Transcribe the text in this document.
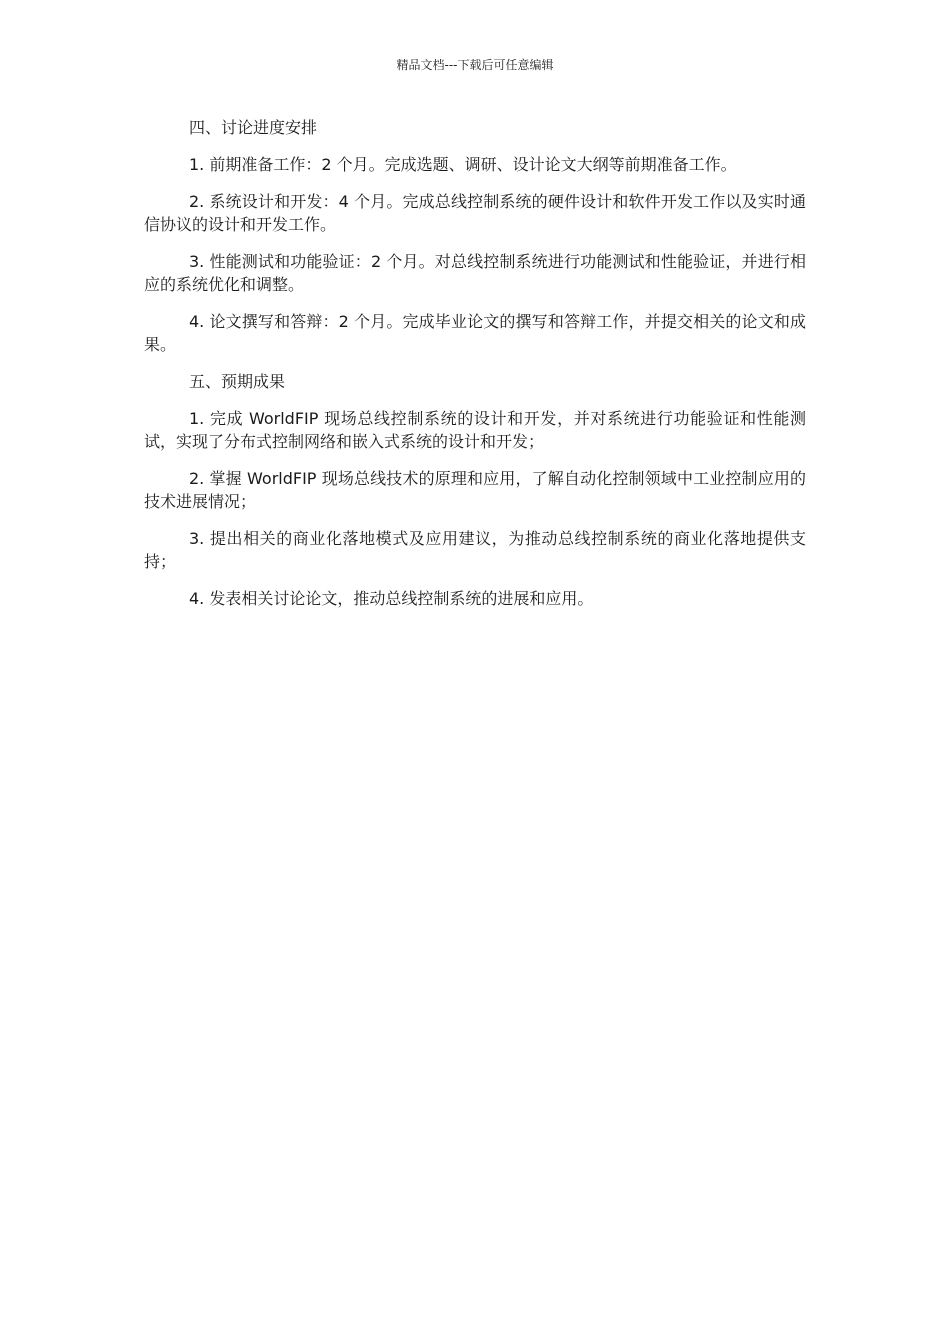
精品文档---下载后可任意编辑

四、讨论进度安排

1. 前期准备工作：2 个月。完成选题、调研、设计论文大纲等前期准备工作。

2. 系统设计和开发：4 个月。完成总线控制系统的硬件设计和软件开发工作以及实时通信协议的设计和开发工作。

3. 性能测试和功能验证：2 个月。对总线控制系统进行功能测试和性能验证，并进行相应的系统优化和调整。

4. 论文撰写和答辩：2 个月。完成毕业论文的撰写和答辩工作，并提交相关的论文和成果。

五、预期成果

1. 完成 WorldFIP 现场总线控制系统的设计和开发，并对系统进行功能验证和性能测试，实现了分布式控制网络和嵌入式系统的设计和开发；

2. 掌握 WorldFIP 现场总线技术的原理和应用，了解自动化控制领域中工业控制应用的技术进展情况；

3. 提出相关的商业化落地模式及应用建议，为推动总线控制系统的商业化落地提供支持；

4. 发表相关讨论论文，推动总线控制系统的进展和应用。
